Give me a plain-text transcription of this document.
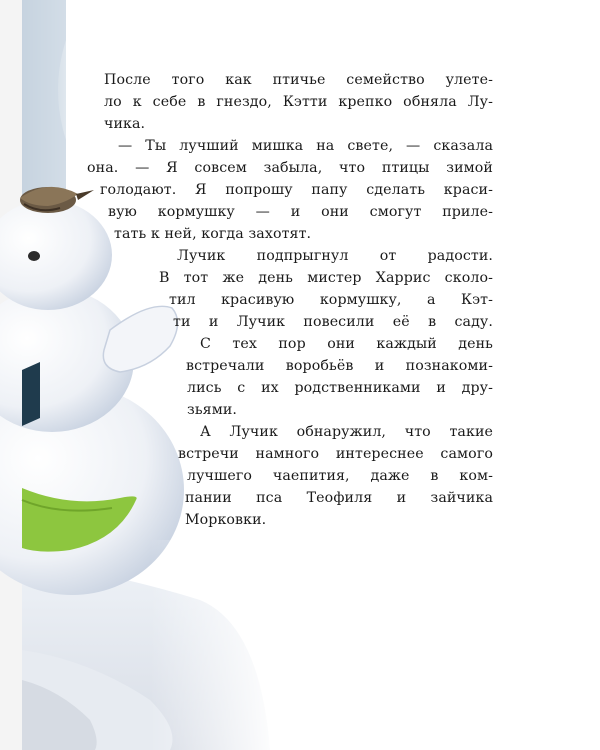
После того как птичье семейство улете-
ло к себе в гнездо, Кэтти крепко обняла Лу-
чика.
— Ты лучший мишка на свете, — сказала
она. — Я совсем забыла, что птицы зимой
голодают. Я попрошу папу сделать краси-
вую кормушку — и они смогут приле-
тать к ней, когда захотят.
Лучик подпрыгнул от радости.
В тот же день мистер Харрис сколо-
тил красивую кормушку, а Кэт-
ти и Лучик повесили её в саду.
С тех пор они каждый день
встречали воробьёв и познакоми-
лись с их родственниками и дру-
зьями.
А Лучик обнаружил, что такие
встречи намного интереснее самого
лучшего чаепития, даже в ком-
пании пса Теофиля и зайчика
Морковки.
